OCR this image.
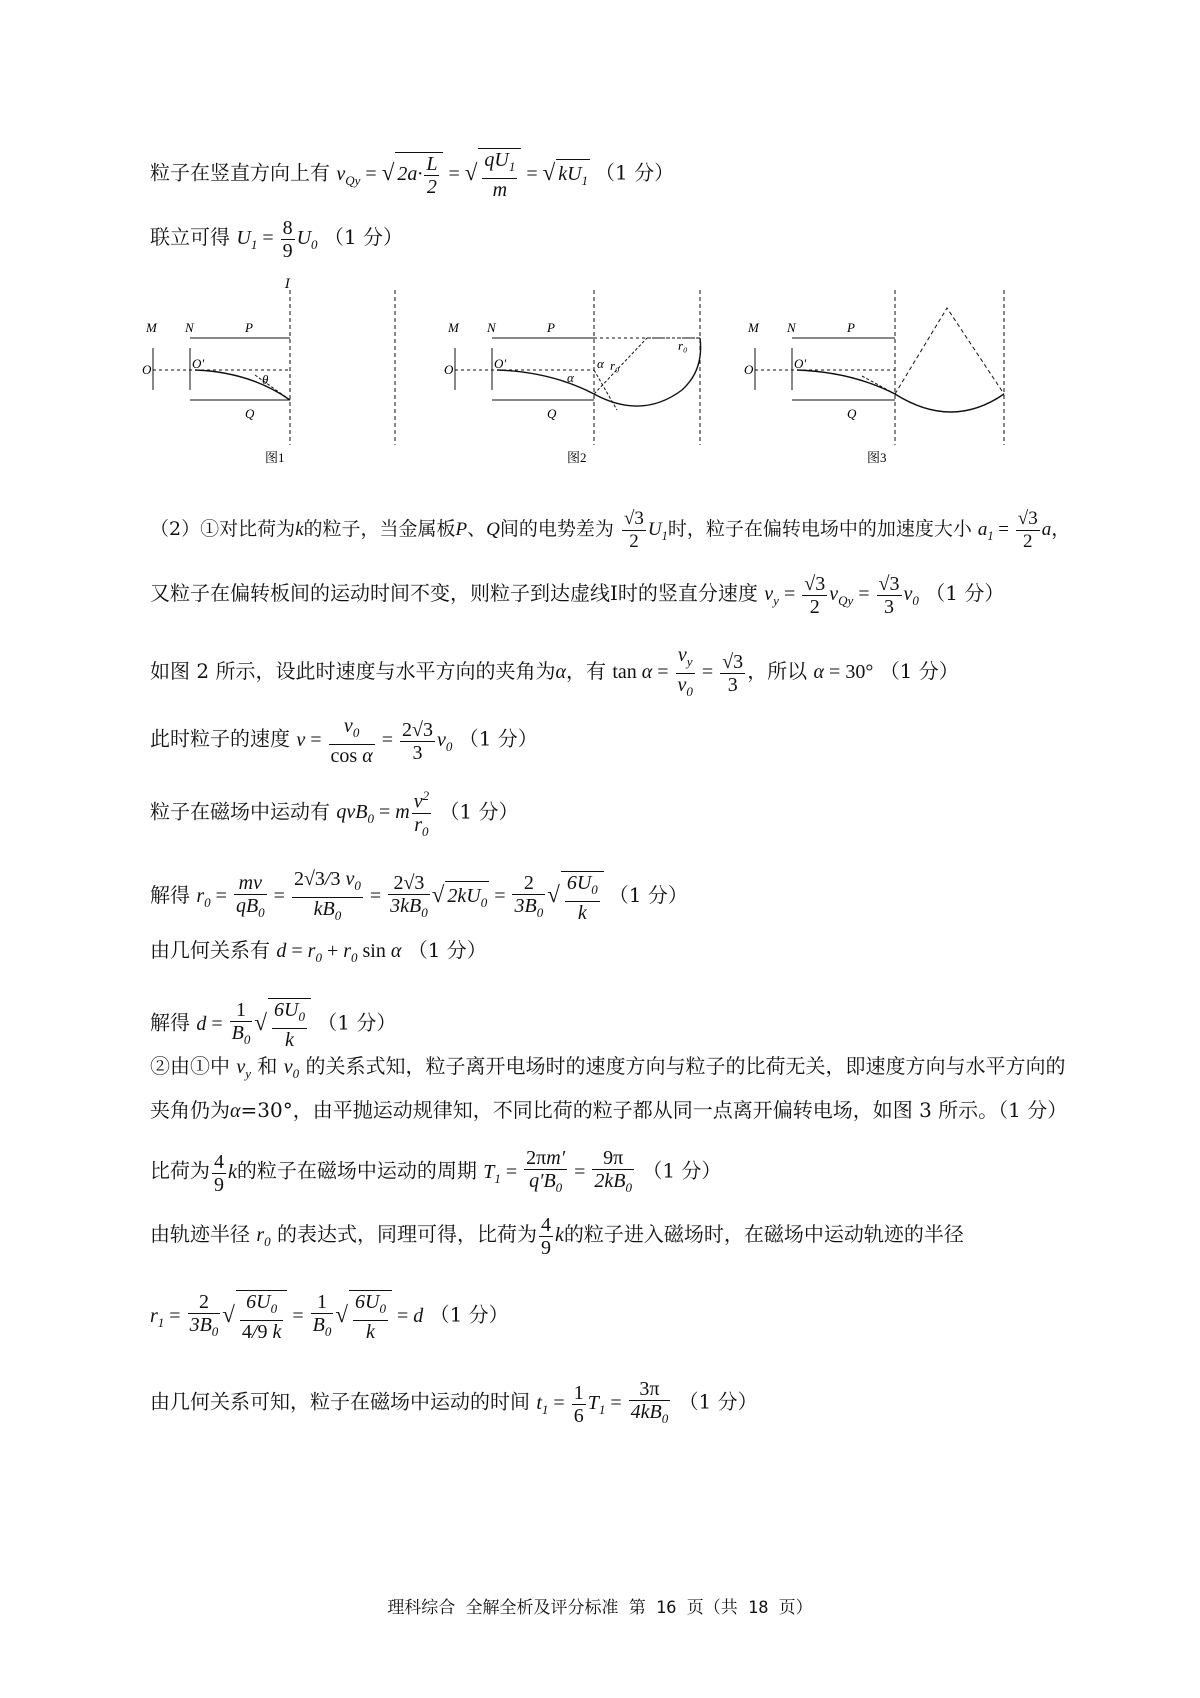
粒子在竖直方向上有 $v_{Qy}$ = √ $2a\cdot \frac{L}{2}$ = √ $\frac{qU_1}{m}$ = √ $kU_1$ （1 分）
联立可得 $U_1 = \frac{8}{9} U_0$ （1 分）
Ⅰ
M N	P
O	O′
θ
Q
图1
M N	P
O	O′
α
α r₀
r₀
Q
图2
M N	P
O	O′
Q
图3
（2）①对比荷为k的粒子，当金属板P、Q间的电势差为 $\frac{√3}{2} U_1$时，粒子在偏转电场中的加速度大小 $a_1 = \frac{√3}{2}$ a，
又粒子在偏转板间的运动时间不变，则粒子到达虚线Ⅰ时的竖直分速度 $v_y = \frac{√3}{2} v_{Qy} = \frac{√3}{3} v_0$ （1 分）
如图 2 所示，设此时速度与水平方向的夹角为α，有 $\tan \alpha = \frac{v_y}{v_0} = \frac{√3}{3}$ ，所以 α = 30° （1 分）
此时粒子的速度 $v = \frac{v_0}{\text{cos α}} = \frac{2√3}{3} v_0$ （1 分）
粒子在磁场中运动有 qvB$_0$ = m $\frac{v^2}{r_0} (1$ 分）
解得 $r_0 = \frac{mv}{qB_0} = \frac{2√3/3 v_0}{kB_0} = \frac{2√3}{3kB_0}$ √ $2kU_0 = \frac{2}{3B_0}$ √ $\frac{6U_0}{k} (1$ 分）
由几何关系有 $d = r_0 + r_0$ sin α （1 分）
解得 $d = \frac{1}{B_0}$ √ $\frac{6U_0}{k} (1$ 分）
②由①中 $v_y$ 和 $v_0$ 的关系式知，粒子离开电场时的速度方向与粒子的比荷无关，即速度方向与水平方向的
夹角仍为α=30°，由平抛运动规律知，不同比荷的粒子都从同一点离开偏转电场，如图 3 所示。（1 分）
比荷为 $\frac{4}{9}$ k的粒子在磁场中运动的周期 $T_1 = \frac{2\pi m'}{q'B_0} = \frac{9\pi}{2kB_0} (1$ 分）
由轨迹半径 $r_0$ 的表达式，同理可得，比荷为 $\frac{4}{9}$ k的粒子进入磁场时，在磁场中运动轨迹的半径
$r_1 = \frac{2}{3B_0}$ √ $\frac{6U_0}{4/9 k} = \frac{1}{B_0}$ √ $\frac{6U_0}{k} = d$ （1 分）
由几何关系可知，粒子在磁场中运动的时间 $t_1 = \frac{1}{6} T_1 = \frac{3\pi}{4kB_0} (1$ 分）
理科综合 全解全析及评分标准 第 16 页（共 18 页）
